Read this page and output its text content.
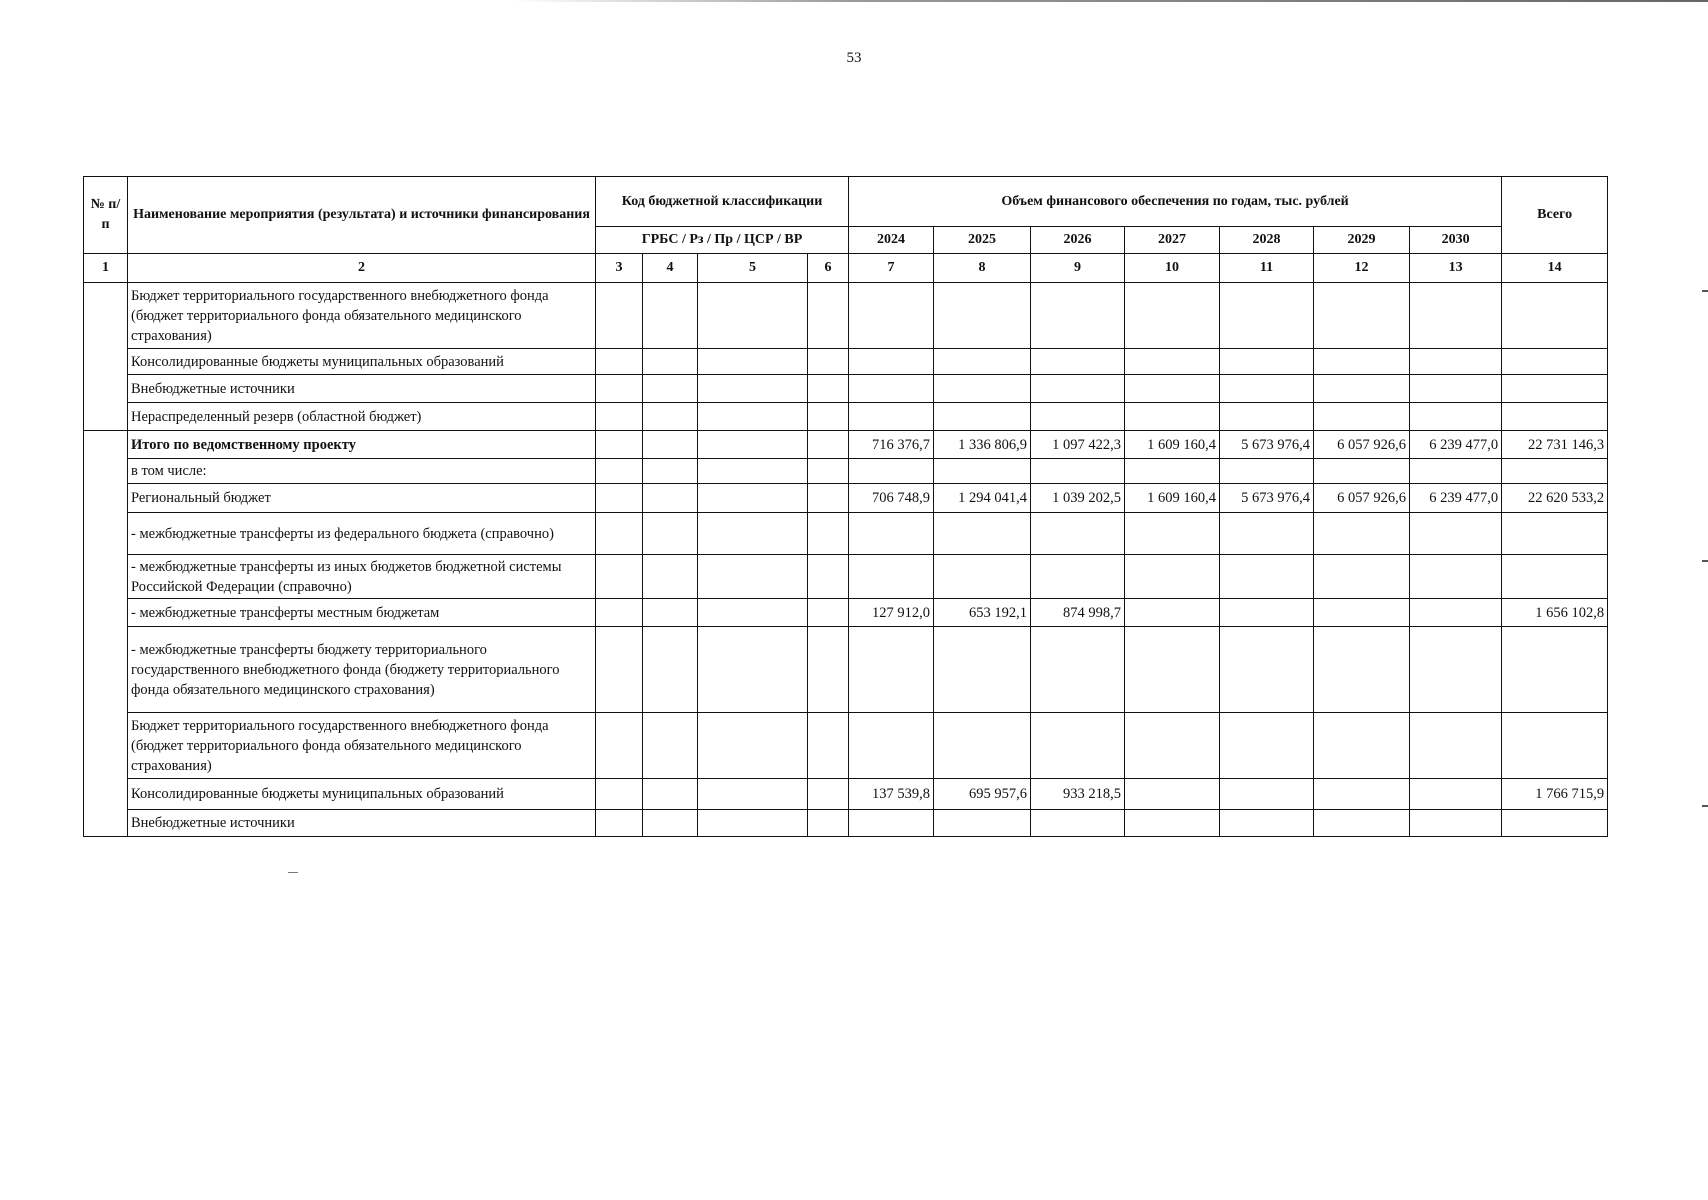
53
№ п/п	Наименование мероприятия (результата) и источники финансирования	Код бюджетной классификации				Объем финансового обеспечения по годам, тыс. рублей							Всего
		ГРБС / Рз / Пр / ЦСР / ВР				2024	2025	2026	2027	2028	2029	2030	
1	2	3	4	5	6	7	8	9	10	11	12	13	14
	Бюджет территориального государственного внебюджетного фонда (бюджет территориального фонда обязательного медицинского страхования)												
	Консолидированные бюджеты муниципальных образований												
	Внебюджетные источники												
	Нераспределенный резерв (областной бюджет)												
	Итого по ведомственному проекту					716 376,7	1 336 806,9	1 097 422,3	1 609 160,4	5 673 976,4	6 057 926,6	6 239 477,0	22 731 146,3
	в том числе:												
	Региональный бюджет					706 748,9	1 294 041,4	1 039 202,5	1 609 160,4	5 673 976,4	6 057 926,6	6 239 477,0	22 620 533,2
	- межбюджетные трансферты из федерального бюджета (справочно)												
	- межбюджетные трансферты из иных бюджетов бюджетной системы Российской Федерации (справочно)												
	- межбюджетные трансферты местным бюджетам					127 912,0	653 192,1	874 998,7					1 656 102,8
	- межбюджетные трансферты бюджету территориального государственного внебюджетного фонда (бюджету территориального фонда обязательного медицинского страхования)												
	Бюджет территориального государственного внебюджетного фонда (бюджет территориального фонда обязательного медицинского страхования)												
	Консолидированные бюджеты муниципальных образований					137 539,8	695 957,6	933 218,5					1 766 715,9
	Внебюджетные источники												
